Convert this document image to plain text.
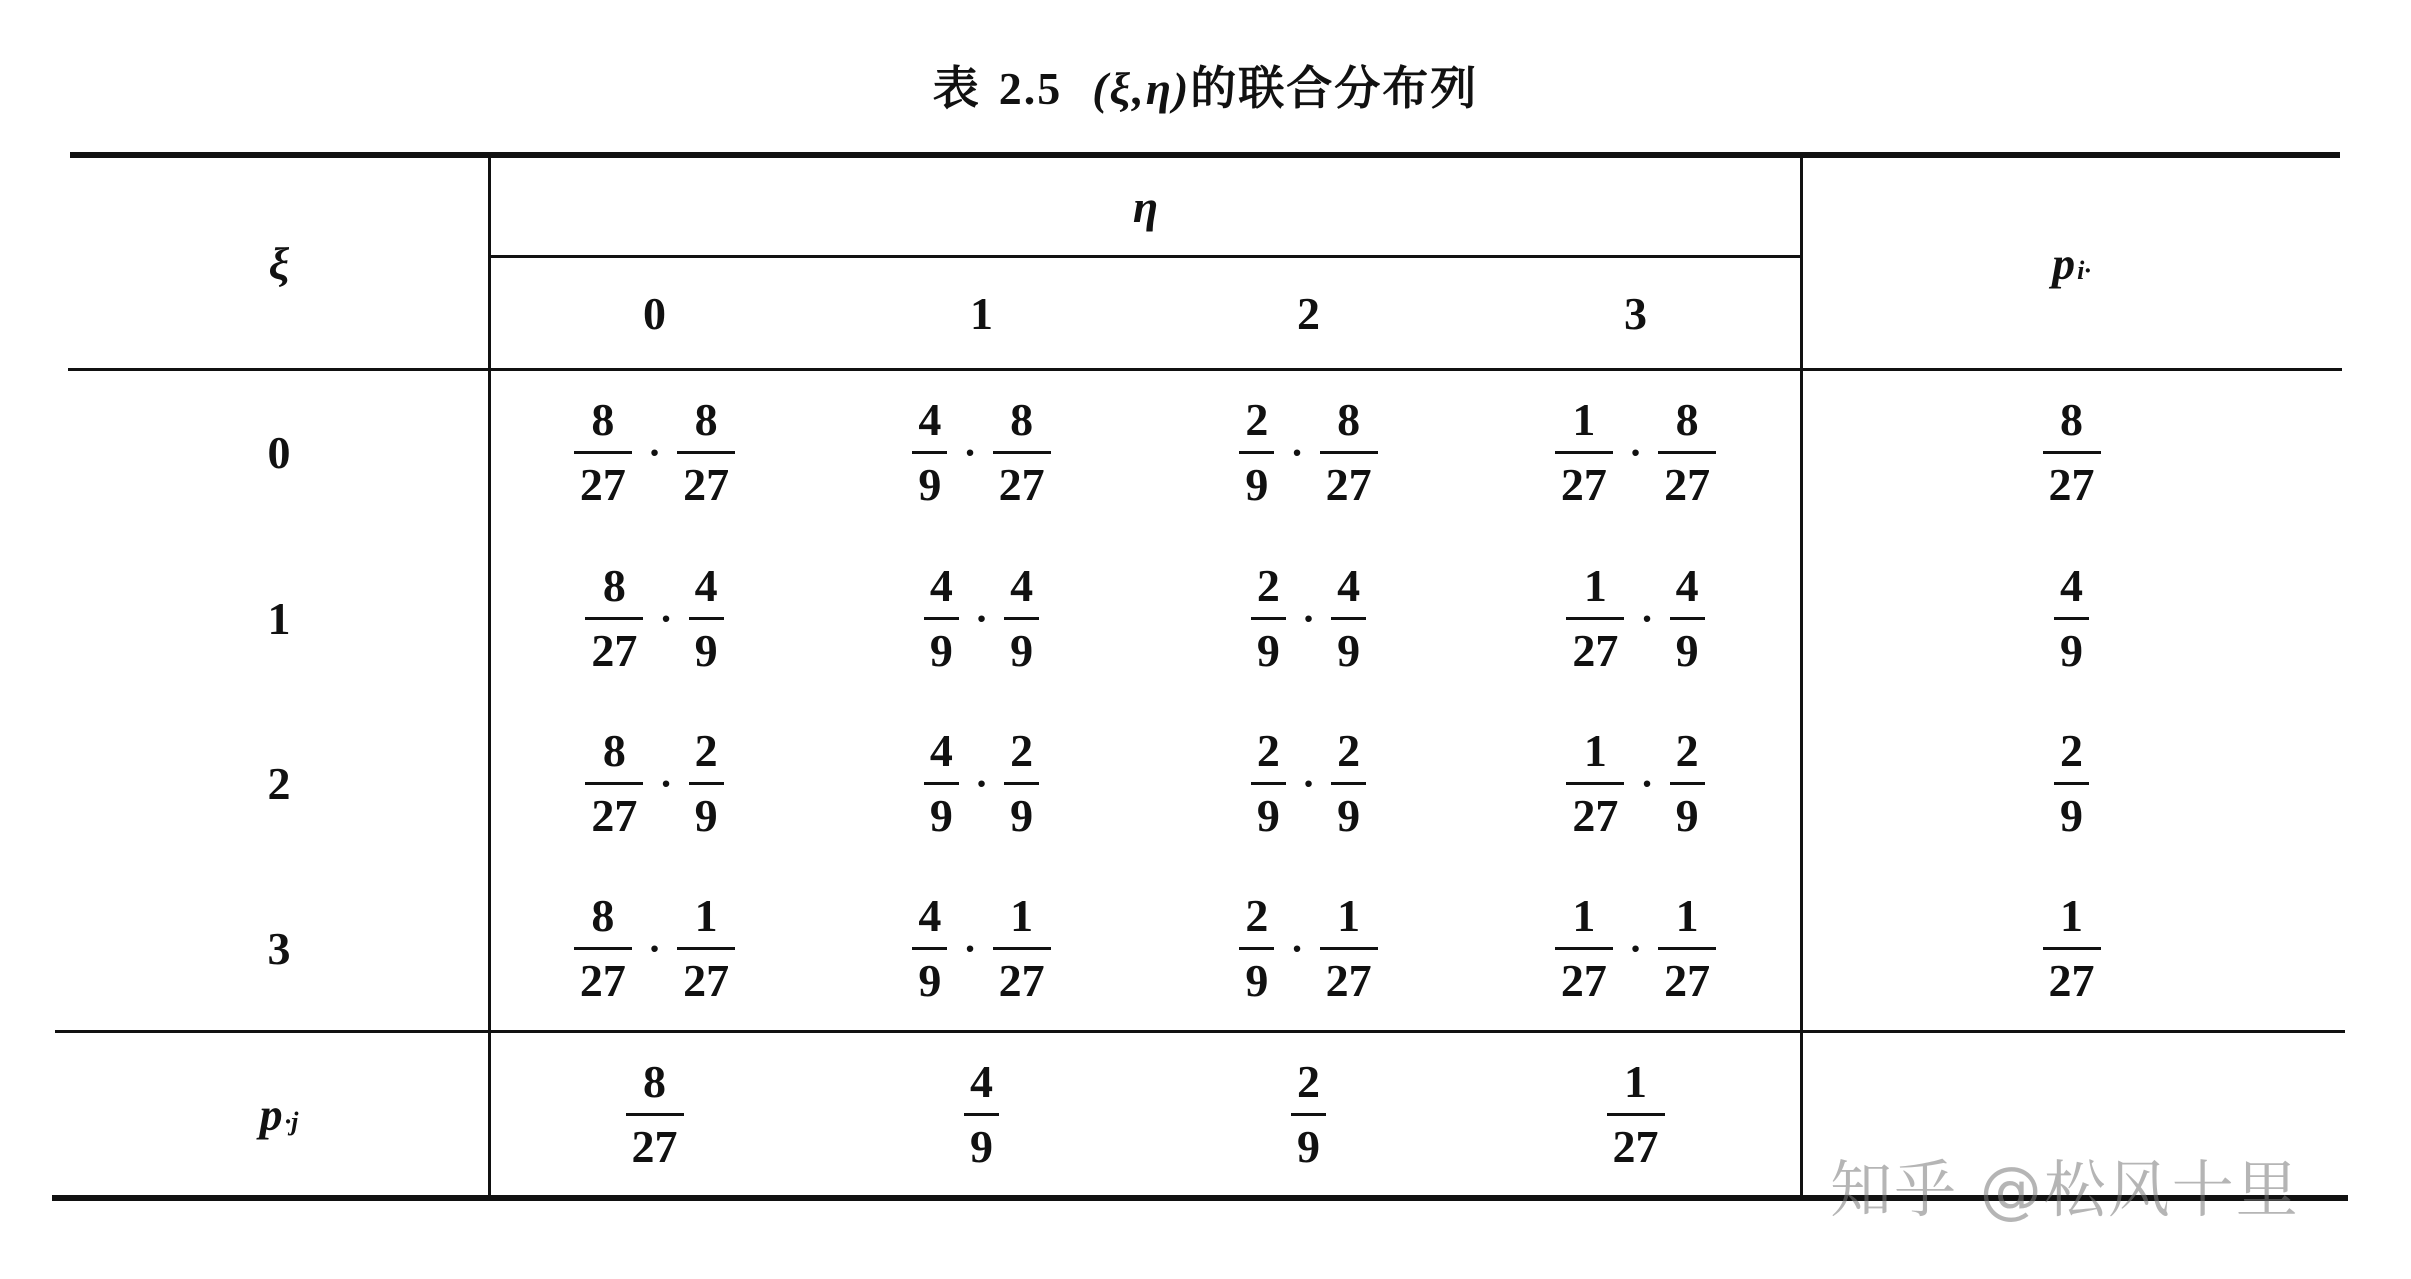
表 2.5 (ξ,η)的联合分布列
ξ
η
p i·
0	1	2	3
0	$\frac{8}{27} \cdot \frac{8}{27}$	$\frac{4}{9} \cdot \frac{8}{27}$	$\frac{2}{9} \cdot \frac{8}{27}$	$\frac{1}{27} \cdot \frac{8}{27}$	$\frac{8}{27}$
1	$\frac{8}{27} \cdot \frac{4}{9}$	$\frac{4}{9} \cdot \frac{4}{9}$	$\frac{2}{9} \cdot \frac{4}{9}$	$\frac{1}{27} \cdot \frac{4}{9}$	$\frac{4}{9}$
2	$\frac{8}{27} \cdot \frac{2}{9}$	$\frac{4}{9} \cdot \frac{2}{9}$	$\frac{2}{9} \cdot \frac{2}{9}$	$\frac{1}{27} \cdot \frac{2}{9}$	$\frac{2}{9}$
3	$\frac{8}{27} \cdot \frac{1}{27}$	$\frac{4}{9} \cdot \frac{1}{27}$	$\frac{2}{9} \cdot \frac{1}{27}$	$\frac{1}{27} \cdot \frac{1}{27}$	$\frac{1}{27}$
p ·j	$\frac{8}{27}$	$\frac{4}{9}$	$\frac{2}{9}$	$\frac{1}{27}$
知乎 @松风十里
